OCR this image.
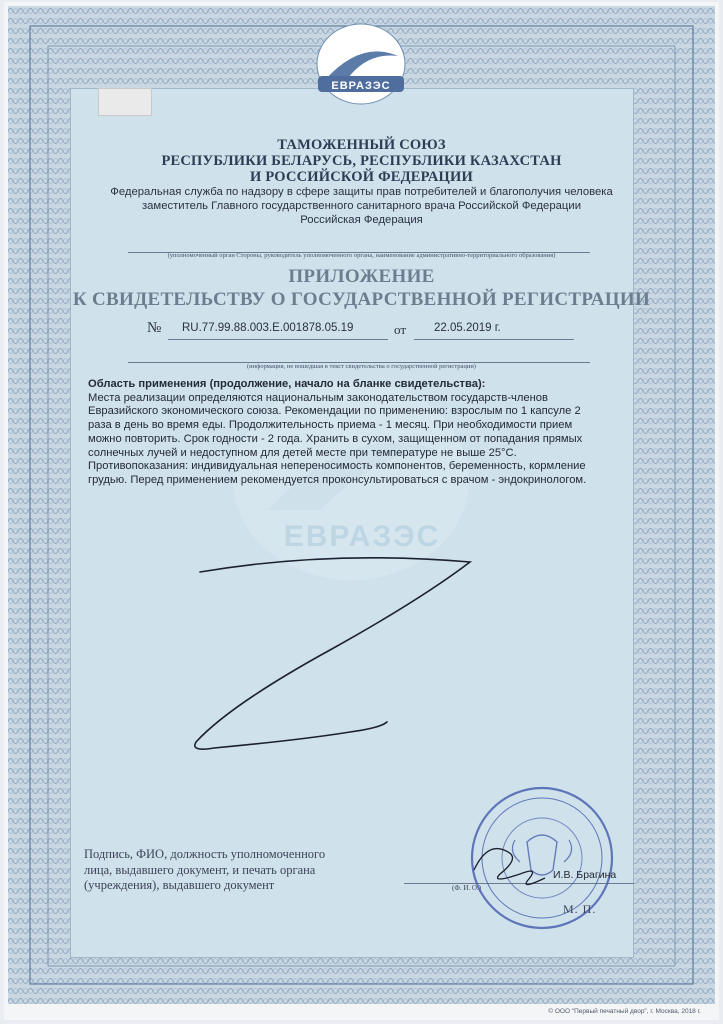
ЕВРАЗЭС
ЕВРАЗЭС
ТАМОЖЕННЫЙ СОЮЗ
РЕСПУБЛИКИ БЕЛАРУСЬ, РЕСПУБЛИКИ КАЗАХСТАН
И РОССИЙСКОЙ ФЕДЕРАЦИИ
Федеральная служба по надзору в сфере защиты прав потребителей и благополучия человека
заместитель Главного государственного санитарного врача Российской Федерации
Российская Федерация
(уполномоченный орган Стороны, руководитель уполномоченного органа, наименование административно-территориального образования)
ПРИЛОЖЕНИЕ
К СВИДЕТЕЛЬСТВУ О ГОСУДАРСТВЕННОЙ РЕГИСТРАЦИИ
№ RU.77.99.88.003.E.001878.05.19	от 22.05.2019 г.
(информация, не вошедшая в текст свидетельства о государственной регистрации)
Область применения (продолжение, начало на бланке свидетельства):
Места реализации определяются национальным законодательством государств-членов
Евразийского экономического союза. Рекомендации по применению: взрослым по 1 капсуле 2
раза в день во время еды. Продолжительность приема - 1 месяц. При необходимости прием
можно повторить. Срок годности - 2 года. Хранить в сухом, защищенном от попадания прямых
солнечных лучей и недоступном для детей месте при температуре не выше 25°С.
Противопоказания: индивидуальная непереносимость компонентов, беременность, кормление
грудью. Перед применением рекомендуется проконсультироваться с врачом - эндокринологом.
Подпись, ФИО, должность уполномоченного
лица, выдавшего документ, и печать органа
(учреждения), выдавшего документ	(Ф. И. О.)
И.В. Брагина
М. П.
© ООО "Первый печатный двор", г. Москва, 2018 г.
